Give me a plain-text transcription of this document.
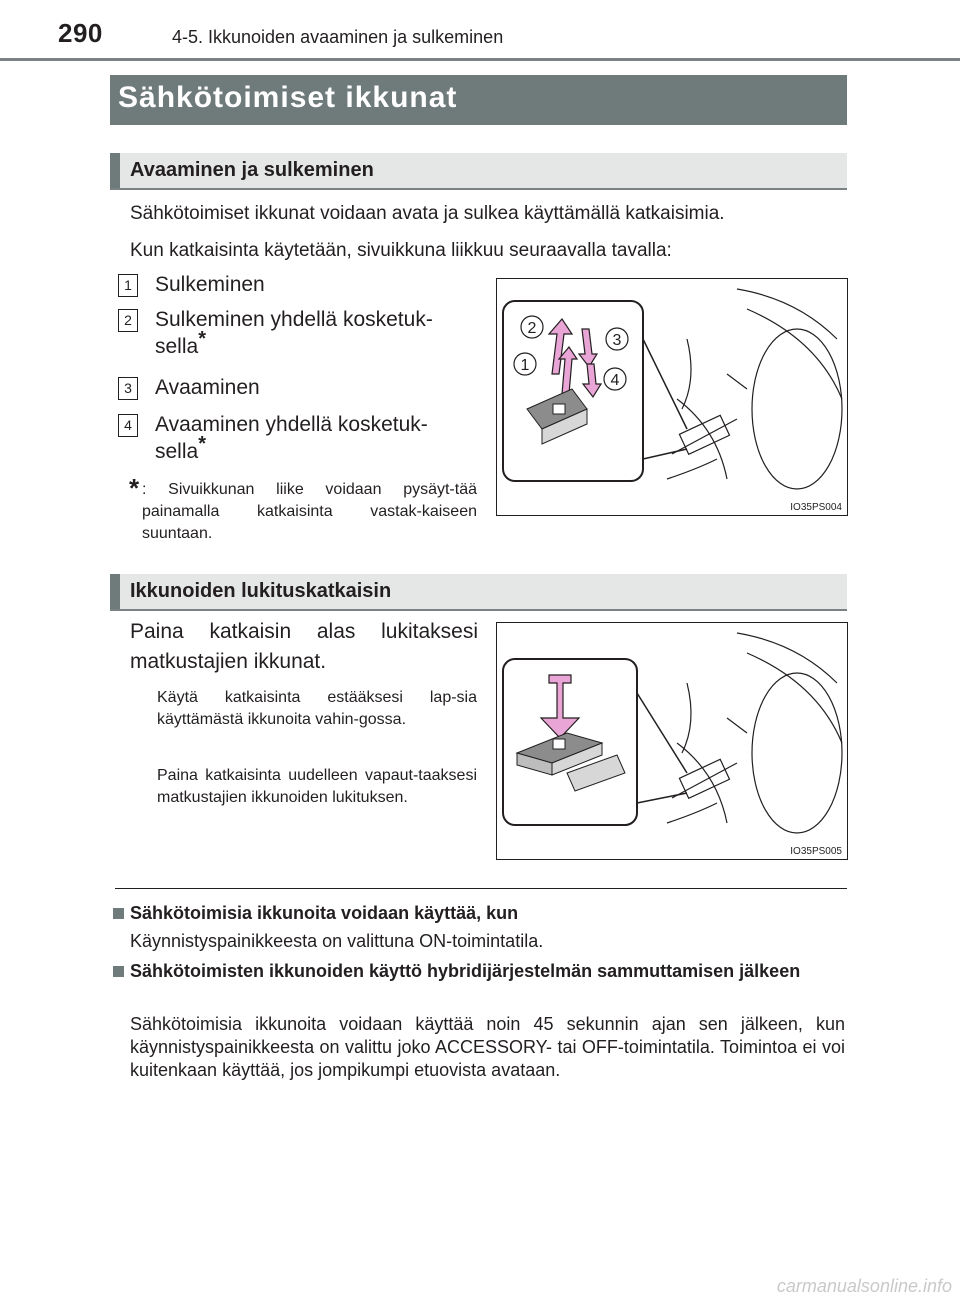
290	4-5. Ikkunoiden avaaminen ja sulkeminen
Sähkötoimiset ikkunat
Avaaminen ja sulkeminen
Sähkötoimiset ikkunat voidaan avata ja sulkea käyttämällä katkaisimia.
Kun katkaisinta käytetään, sivuikkuna liikkuu seuraavalla tavalla:
1 Sulkeminen
2 Sulkeminen yhdellä kosketuk-sella*
3 Avaaminen
4 Avaaminen yhdellä kosketuk-sella*
* : Sivuikkunan liike voidaan pysäyt-tää painamalla katkaisinta vastak-kaiseen suuntaan.
2
3
1
4
IO35PS004
Ikkunoiden lukituskatkaisin
Paina katkaisin alas lukitaksesi matkustajien ikkunat.
Käytä katkaisinta estääksesi lap-sia käyttämästä ikkunoita vahin-gossa.
Paina katkaisinta uudelleen vapaut-taaksesi matkustajien ikkunoiden lukituksen.
IO35PS005
Sähkötoimisia ikkunoita voidaan käyttää, kun
Käynnistyspainikkeesta on valittuna ON-toimintatila.
Sähkötoimisten ikkunoiden käyttö hybridijärjestelmän sammuttamisen jälkeen
Sähkötoimisia ikkunoita voidaan käyttää noin 45 sekunnin ajan sen jälkeen, kun käynnistyspainikkeesta on valittu joko ACCESSORY- tai OFF-toimintatila. Toimintoa ei voi kuitenkaan käyttää, jos jompikumpi etuovista avataan.
carmanualsonline.info
